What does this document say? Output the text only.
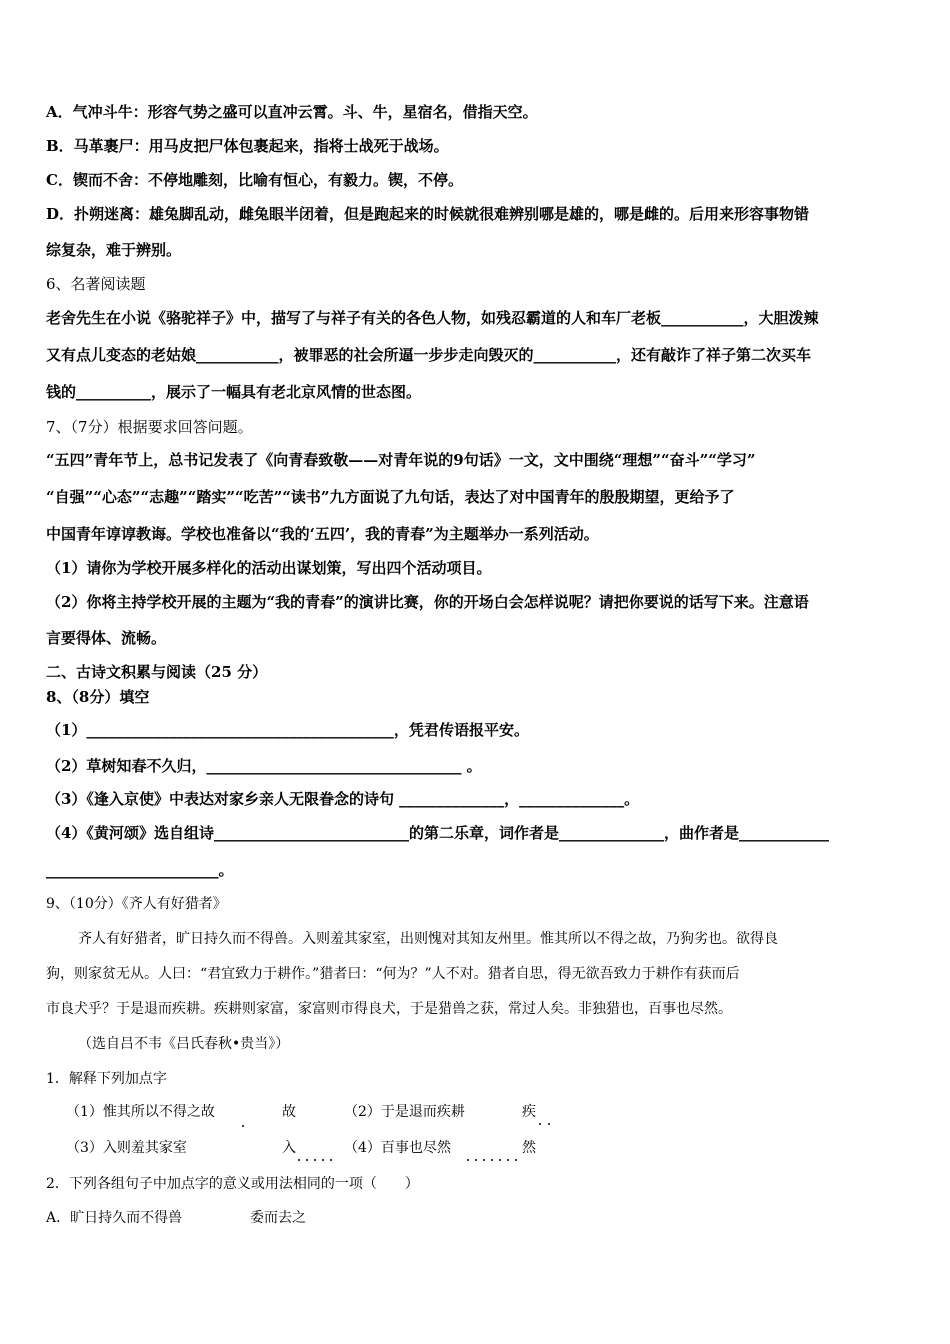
A．气冲斗牛：形容气势之盛可以直冲云霄。斗、牛，星宿名，借指天空。
B．马革裹尸：用马皮把尸体包裹起来，指将士战死于战场。
C．锲而不舍：不停地雕刻，比喻有恒心，有毅力。锲，不停。
D．扑朔迷离：雄兔脚乱动，雌兔眼半闭着，但是跑起来的时候就很难辨别哪是雄的，哪是雌的。后用来形容事物错
综复杂，难于辨别。
6、名著阅读题
老舍先生在小说《骆驼祥子》中，描写了与祥子有关的各色人物，如残忍霸道的人和车厂老板___________，大胆泼辣
又有点儿变态的老姑娘___________，被罪恶的社会所逼一步步走向毁灭的___________，还有敲诈了祥子第二次买车
钱的__________，展示了一幅具有老北京风情的世态图。
7、（7分）根据要求回答问题。
“五四”青年节上，总书记发表了《向青春致敬——对青年说的9句话》一文，文中围绕“理想”“奋斗”“学习”
“自强”“心态”“志趣”“踏实”“吃苦”“读书”九方面说了九句话，表达了对中国青年的殷殷期望，更给予了
中国青年谆谆教诲。学校也准备以“我的‘五四’，我的青春”为主题举办一系列活动。
（1）请你为学校开展多样化的活动出谋划策，写出四个活动项目。
（2）你将主持学校开展的主题为“我的青春”的演讲比赛，你的开场白会怎样说呢？请把你要说的话写下来。注意语
言要得体、流畅。
二、古诗文积累与阅读（25 分）
8、（8分）填空
（1）_________________________________________，凭君传语报平安。
（2）草树知春不久归，__________________________________ 。
（3）《逢入京使》中表达对家乡亲人无限眷念的诗句 ______________，______________。
（4）《黄河颂》选自组诗__________________________的第二乐章，词作者是______________，曲作者是____________
_______________________。
9、（10分）《齐人有好猎者》
齐人有好猎者，旷日持久而不得兽。入则羞其家室，出则愧对其知友州里。惟其所以不得之故，乃狗劣也。欲得良
狗，则家贫无从。人曰：“君宜致力于耕作。”猎者曰：“何为？”人不对。猎者自思，得无欲吾致力于耕作有获而后
市良犬乎？于是退而疾耕。疾耕则家富，家富则市得良犬，于是猎兽之获，常过人矣。非独猎也，百事也尽然。
（选自吕不韦《吕氏春秋•贵当》）
1．解释下列加点字
（1）惟其所以不得之故	故	（2）于是退而疾耕	疾
（3）入则羞其家室	入	（4）百事也尽然	然
2．下列各组句子中加点字的意义或用法相同的一项（　　）
A．旷日持久而不得兽	委而去之
